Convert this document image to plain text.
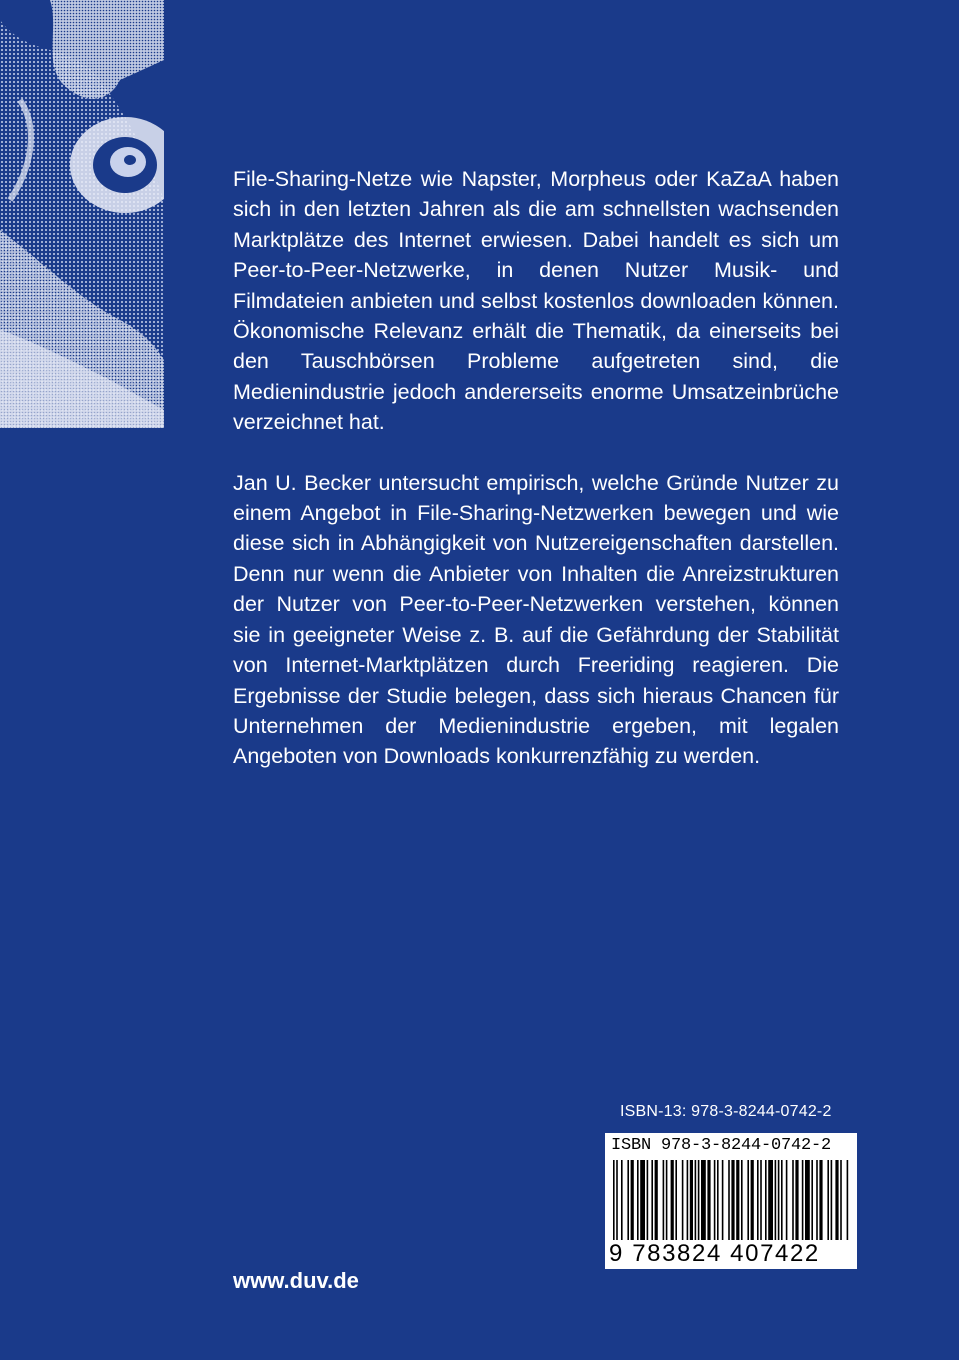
File-Sharing-Netze wie Napster, Morpheus oder KaZaA haben sich in den letzten Jahren als die am schnellsten wachsenden Marktplätze des Internet erwiesen. Dabei handelt es sich um Peer-to-Peer-Netzwerke, in denen Nutzer Musik- und Filmdateien anbieten und selbst kostenlos downloaden können. Ökonomische Relevanz erhält die Thematik, da einerseits bei den Tauschbörsen Probleme aufgetreten sind, die Medienindustrie jedoch andererseits enorme Umsatzeinbrüche verzeichnet hat.

Jan U. Becker untersucht empirisch, welche Gründe Nutzer zu einem Angebot in File-Sharing-Netzwerken bewegen und wie diese sich in Abhängigkeit von Nutzereigenschaften darstellen. Denn nur wenn die Anbieter von Inhalten die Anreizstrukturen der Nutzer von Peer-to-Peer-Netzwerken verstehen, können sie in geeigneter Weise z. B. auf die Gefährdung der Stabilität von Internet-Marktplätzen durch Freeriding reagieren. Die Ergebnisse der Studie belegen, dass sich hieraus Chancen für Unternehmen der Medienindustrie ergeben, mit legalen Angeboten von Downloads konkurrenzfähig zu werden.

ISBN-13: 978-3-8244-0742-2
ISBN 978-3-8244-0742-2
9 783824 407422
www.duv.de
